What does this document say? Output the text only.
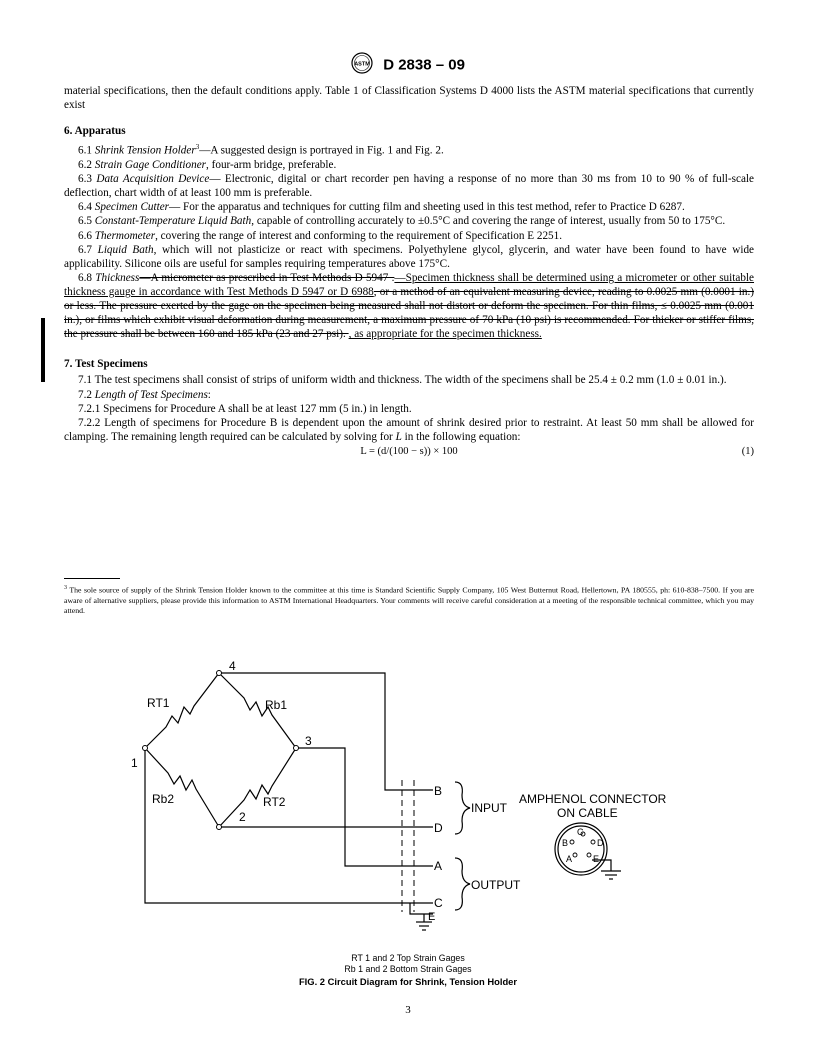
ASTM D 2838 – 09

material specifications, then the default conditions apply. Table 1 of Classification Systems D 4000 lists the ASTM material specifications that currently exist

6. Apparatus

6.1 Shrink Tension Holder$^3$—A suggested design is portrayed in Fig. 1 and Fig. 2.

6.2 Strain Gage Conditioner, four-arm bridge, preferable.

6.3 Data Acquisition Device— Electronic, digital or chart recorder pen having a response of no more than 30 ms from 10 to 90 % of full-scale deflection, chart width of at least 100 mm is preferable.

6.4 Specimen Cutter— For the apparatus and techniques for cutting film and sheeting used in this test method, refer to Practice D 6287.

6.5 Constant-Temperature Liquid Bath, capable of controlling accurately to ±0.5°C and covering the range of interest, usually from 50 to 175°C.

6.6 Thermometer, covering the range of interest and conforming to the requirement of Specification E 2251.

6.7 Liquid Bath, which will not plasticize or react with specimens. Polyethylene glycol, glycerin, and water have been found to have wide applicability. Silicone oils are useful for samples requiring temperatures above 175°C.

6.8 Thickness—A micrometer as prescribed in Test Methods D 5947 .—Specimen thickness shall be determined using a micrometer or other suitable thickness gauge in accordance with Test Methods D 5947 or D 6988, or a method of an equivalent measuring device, reading to 0.0025 mm (0.0001 in.) or less. The pressure exerted by the gage on the specimen being measured shall not distort or deform the specimen. For thin films, ≤ 0.0025 mm (0.001 in.), or films which exhibit visual deformation during measurement, a maximum pressure of 70 kPa (10 psi) is recommended. For thicker or stiffer films, the pressure shall be between 160 and 185 kPa (23 and 27 psi). , as appropriate for the specimen thickness.

7. Test Specimens

7.1 The test specimens shall consist of strips of uniform width and thickness. The width of the specimens shall be 25.4 ± 0.2 mm (1.0 ± 0.01 in.).

7.2 Length of Test Specimens:

7.2.1 Specimens for Procedure A shall be at least 127 mm (5 in.) in length.

7.2.2 Length of specimens for Procedure B is dependent upon the amount of shrink desired prior to restraint. At least 50 mm shall be allowed for clamping. The remaining length required can be calculated by solving for L in the following equation:

L = (d/(100 − s)) × 100	(1)
$^3$ The sole source of supply of the Shrink Tension Holder known to the committee at this time is Standard Scientific Supply Company, 105 West Butternut Road, Hellertown, PA 180555, ph: 610-838–7500. If you are aware of alternative suppliers, please provide this information to ASTM International Headquarters. Your comments will receive careful consideration at a meeting of the responsible technical committee, which you may attend.
RT1	Rb1
Rb2	RT2
1
2
3
4
B
D
A
C
E
INPUT
OUTPUT
AMPHENOL CONNECTOR
ON CABLE
C
B	D
A E
RT 1 and 2 Top Strain Gages
Rb 1 and 2 Bottom Strain Gages
FIG. 2 Circuit Diagram for Shrink, Tension Holder
3
